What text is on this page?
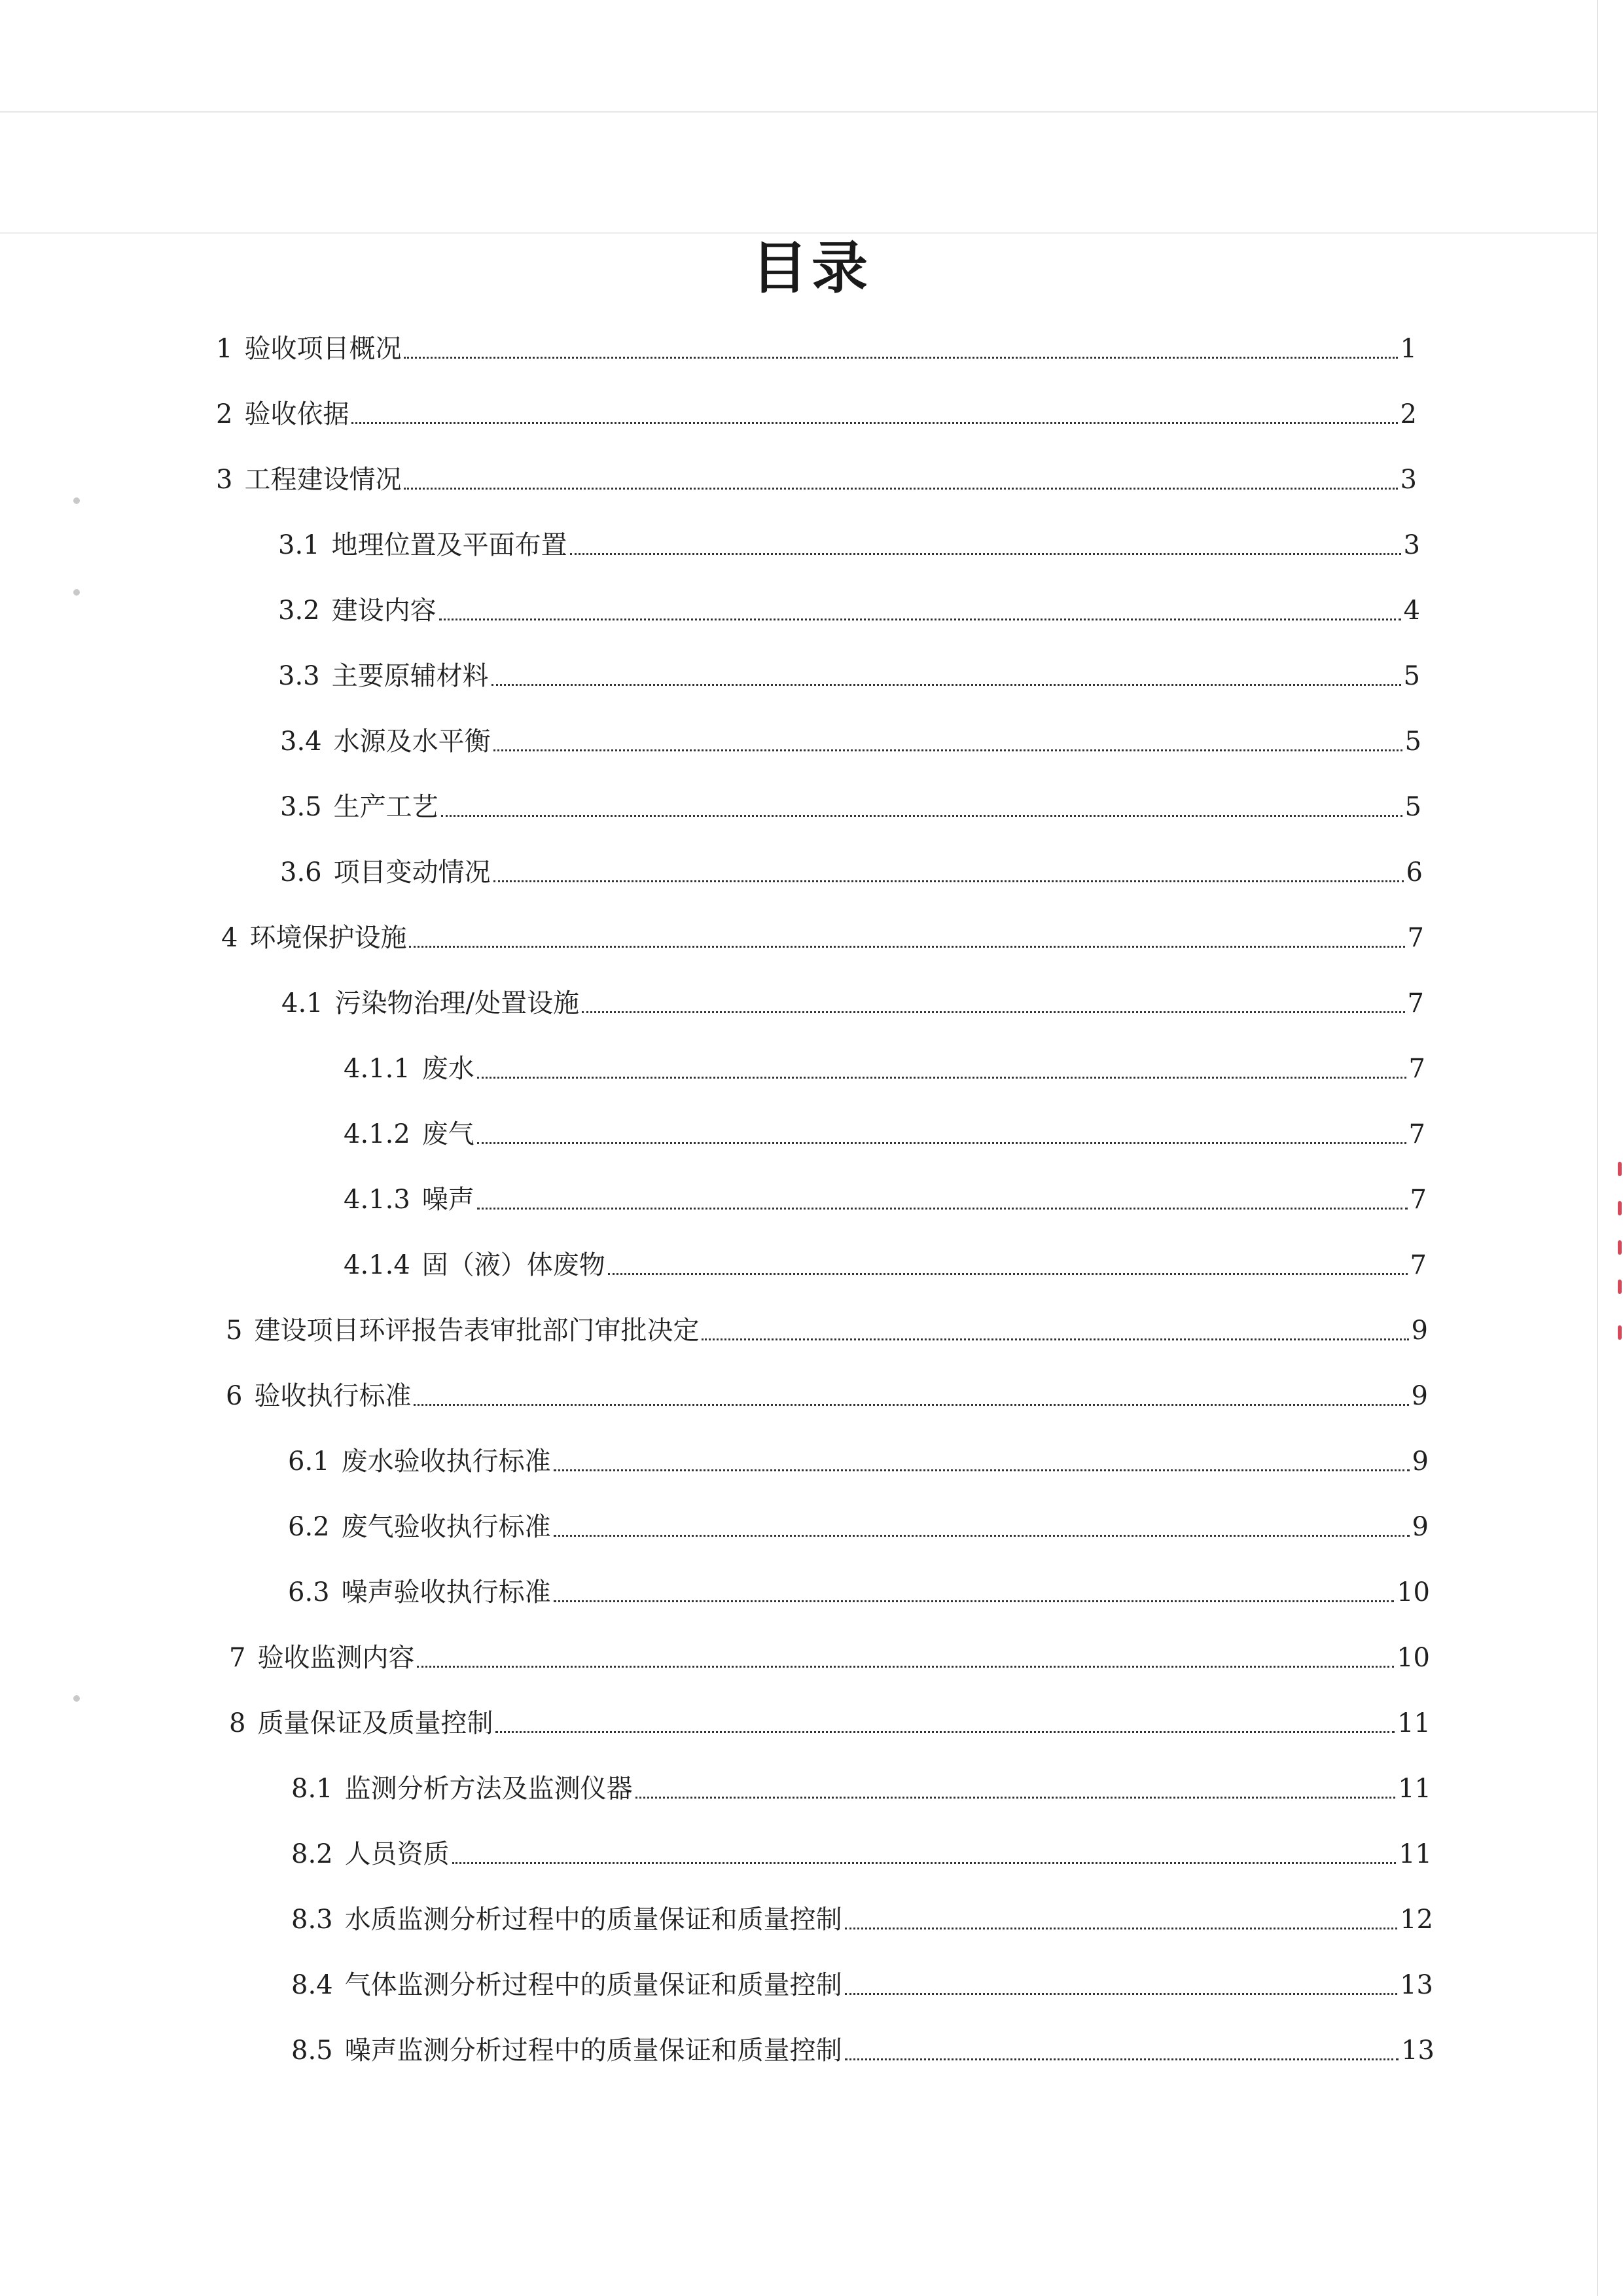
目录
1 验收项目概况	1
2 验收依据	2
3 工程建设情况	3
3.1 地理位置及平面布置	3
3.2 建设内容	4
3.3 主要原辅材料	5
3.4 水源及水平衡	5
3.5 生产工艺	5
3.6 项目变动情况	6
4 环境保护设施	7
4.1 污染物治理/处置设施	7
4.1.1 废水	7
4.1.2 废气	7
4.1.3 噪声	7
4.1.4 固（液）体废物	7
5 建设项目环评报告表审批部门审批决定	9
6 验收执行标准	9
6.1 废水验收执行标准	9
6.2 废气验收执行标准	9
6.3 噪声验收执行标准	10
7 验收监测内容	10
8 质量保证及质量控制	11
8.1 监测分析方法及监测仪器	11
8.2 人员资质	11
8.3 水质监测分析过程中的质量保证和质量控制	12
8.4 气体监测分析过程中的质量保证和质量控制	13
8.5 噪声监测分析过程中的质量保证和质量控制	13
